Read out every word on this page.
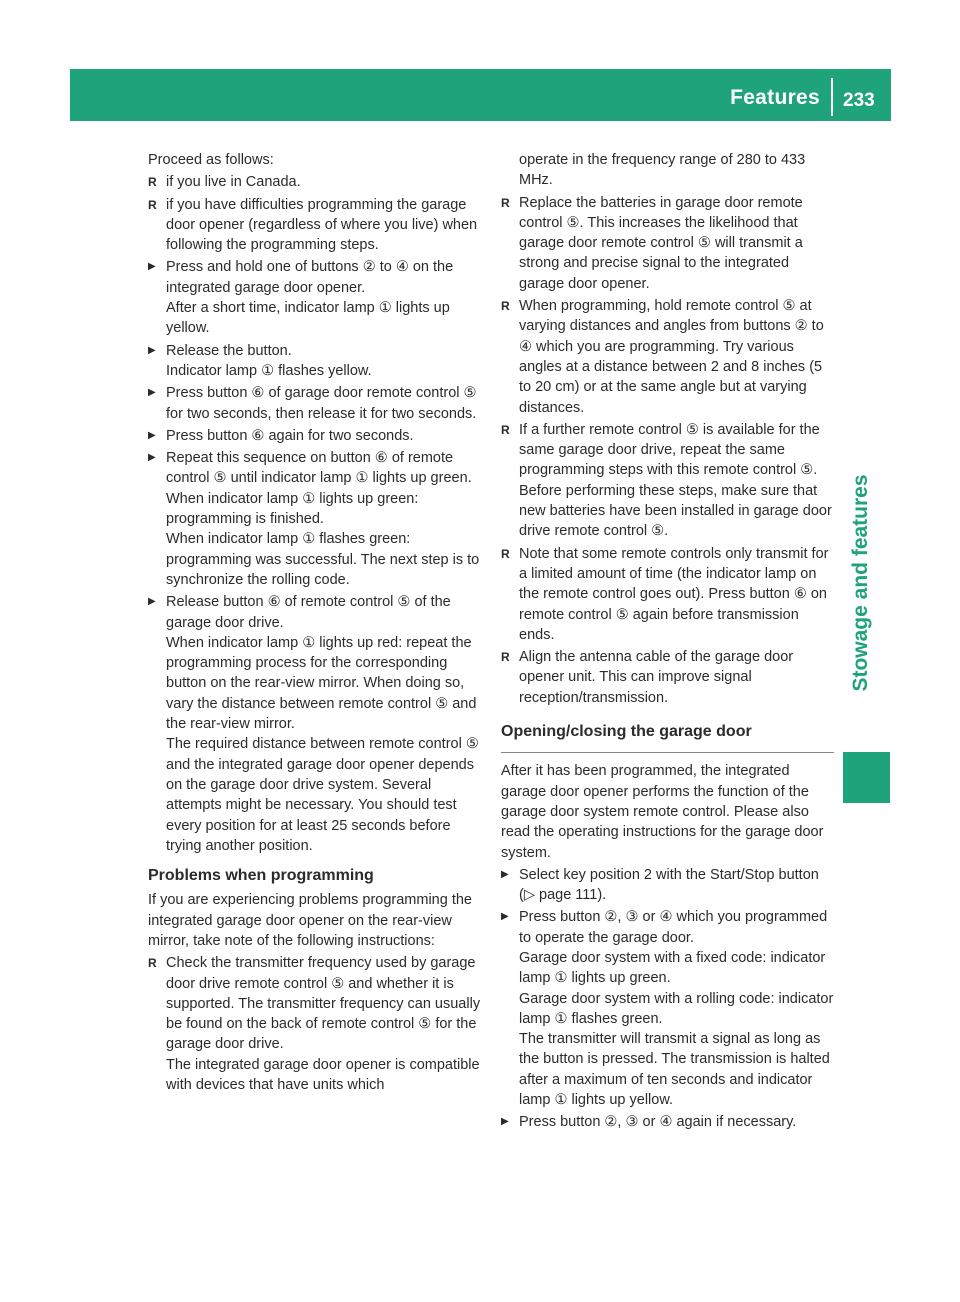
Features 233
Stowage and features

Proceed as follows:

R if you live in Canada.

R if you have difficulties programming the garage door opener (regardless of where you live) when following the programming steps.

▶ Press and hold one of buttons ② to ④ on the integrated garage door opener.

After a short time, indicator lamp ① lights up yellow.

▶ Release the button.

Indicator lamp ① flashes yellow.

▶ Press button ⑥ of garage door remote control ⑤ for two seconds, then release it for two seconds.

▶ Press button ⑥ again for two seconds.

▶ Repeat this sequence on button ⑥ of remote control ⑤ until indicator lamp ① lights up green.

When indicator lamp ① lights up green: programming is finished.

When indicator lamp ① flashes green: programming was successful. The next step is to synchronize the rolling code.

▶ Release button ⑥ of remote control ⑤ of the garage door drive.

When indicator lamp ① lights up red: repeat the programming process for the corresponding button on the rear-view mirror. When doing so, vary the distance between remote control ⑤ and the rear-view mirror.

The required distance between remote control ⑤ and the integrated garage door opener depends on the garage door drive system. Several attempts might be necessary. You should test every position for at least 25 seconds before trying another position.

Problems when programming

If you are experiencing problems programming the integrated garage door opener on the rear-view mirror, take note of the following instructions:

R Check the transmitter frequency used by garage door drive remote control ⑤ and whether it is supported. The transmitter frequency can usually be found on the back of remote control ⑤ for the garage door drive.

The integrated garage door opener is compatible with devices that have units which

operate in the frequency range of 280 to 433 MHz.

R Replace the batteries in garage door remote control ⑤. This increases the likelihood that garage door remote control ⑤ will transmit a strong and precise signal to the integrated garage door opener.

R When programming, hold remote control ⑤ at varying distances and angles from buttons ② to ④ which you are programming. Try various angles at a distance between 2 and 8 inches (5 to 20 cm) or at the same angle but at varying distances.

R If a further remote control ⑤ is available for the same garage door drive, repeat the same programming steps with this remote control ⑤. Before performing these steps, make sure that new batteries have been installed in garage door drive remote control ⑤.

R Note that some remote controls only transmit for a limited amount of time (the indicator lamp on the remote control goes out). Press button ⑥ on remote control ⑤ again before transmission ends.

R Align the antenna cable of the garage door opener unit. This can improve signal reception/transmission.

Opening/closing the garage door

After it has been programmed, the integrated garage door opener performs the function of the garage door system remote control. Please also read the operating instructions for the garage door system.

▶ Select key position 2 with the Start/Stop button (▷ page 111).

▶ Press button ②, ③ or ④ which you programmed to operate the garage door.

Garage door system with a fixed code: indicator lamp ① lights up green.

Garage door system with a rolling code: indicator lamp ① flashes green.

The transmitter will transmit a signal as long as the button is pressed. The transmission is halted after a maximum of ten seconds and indicator lamp ① lights up yellow.

▶ Press button ②, ③ or ④ again if necessary.
